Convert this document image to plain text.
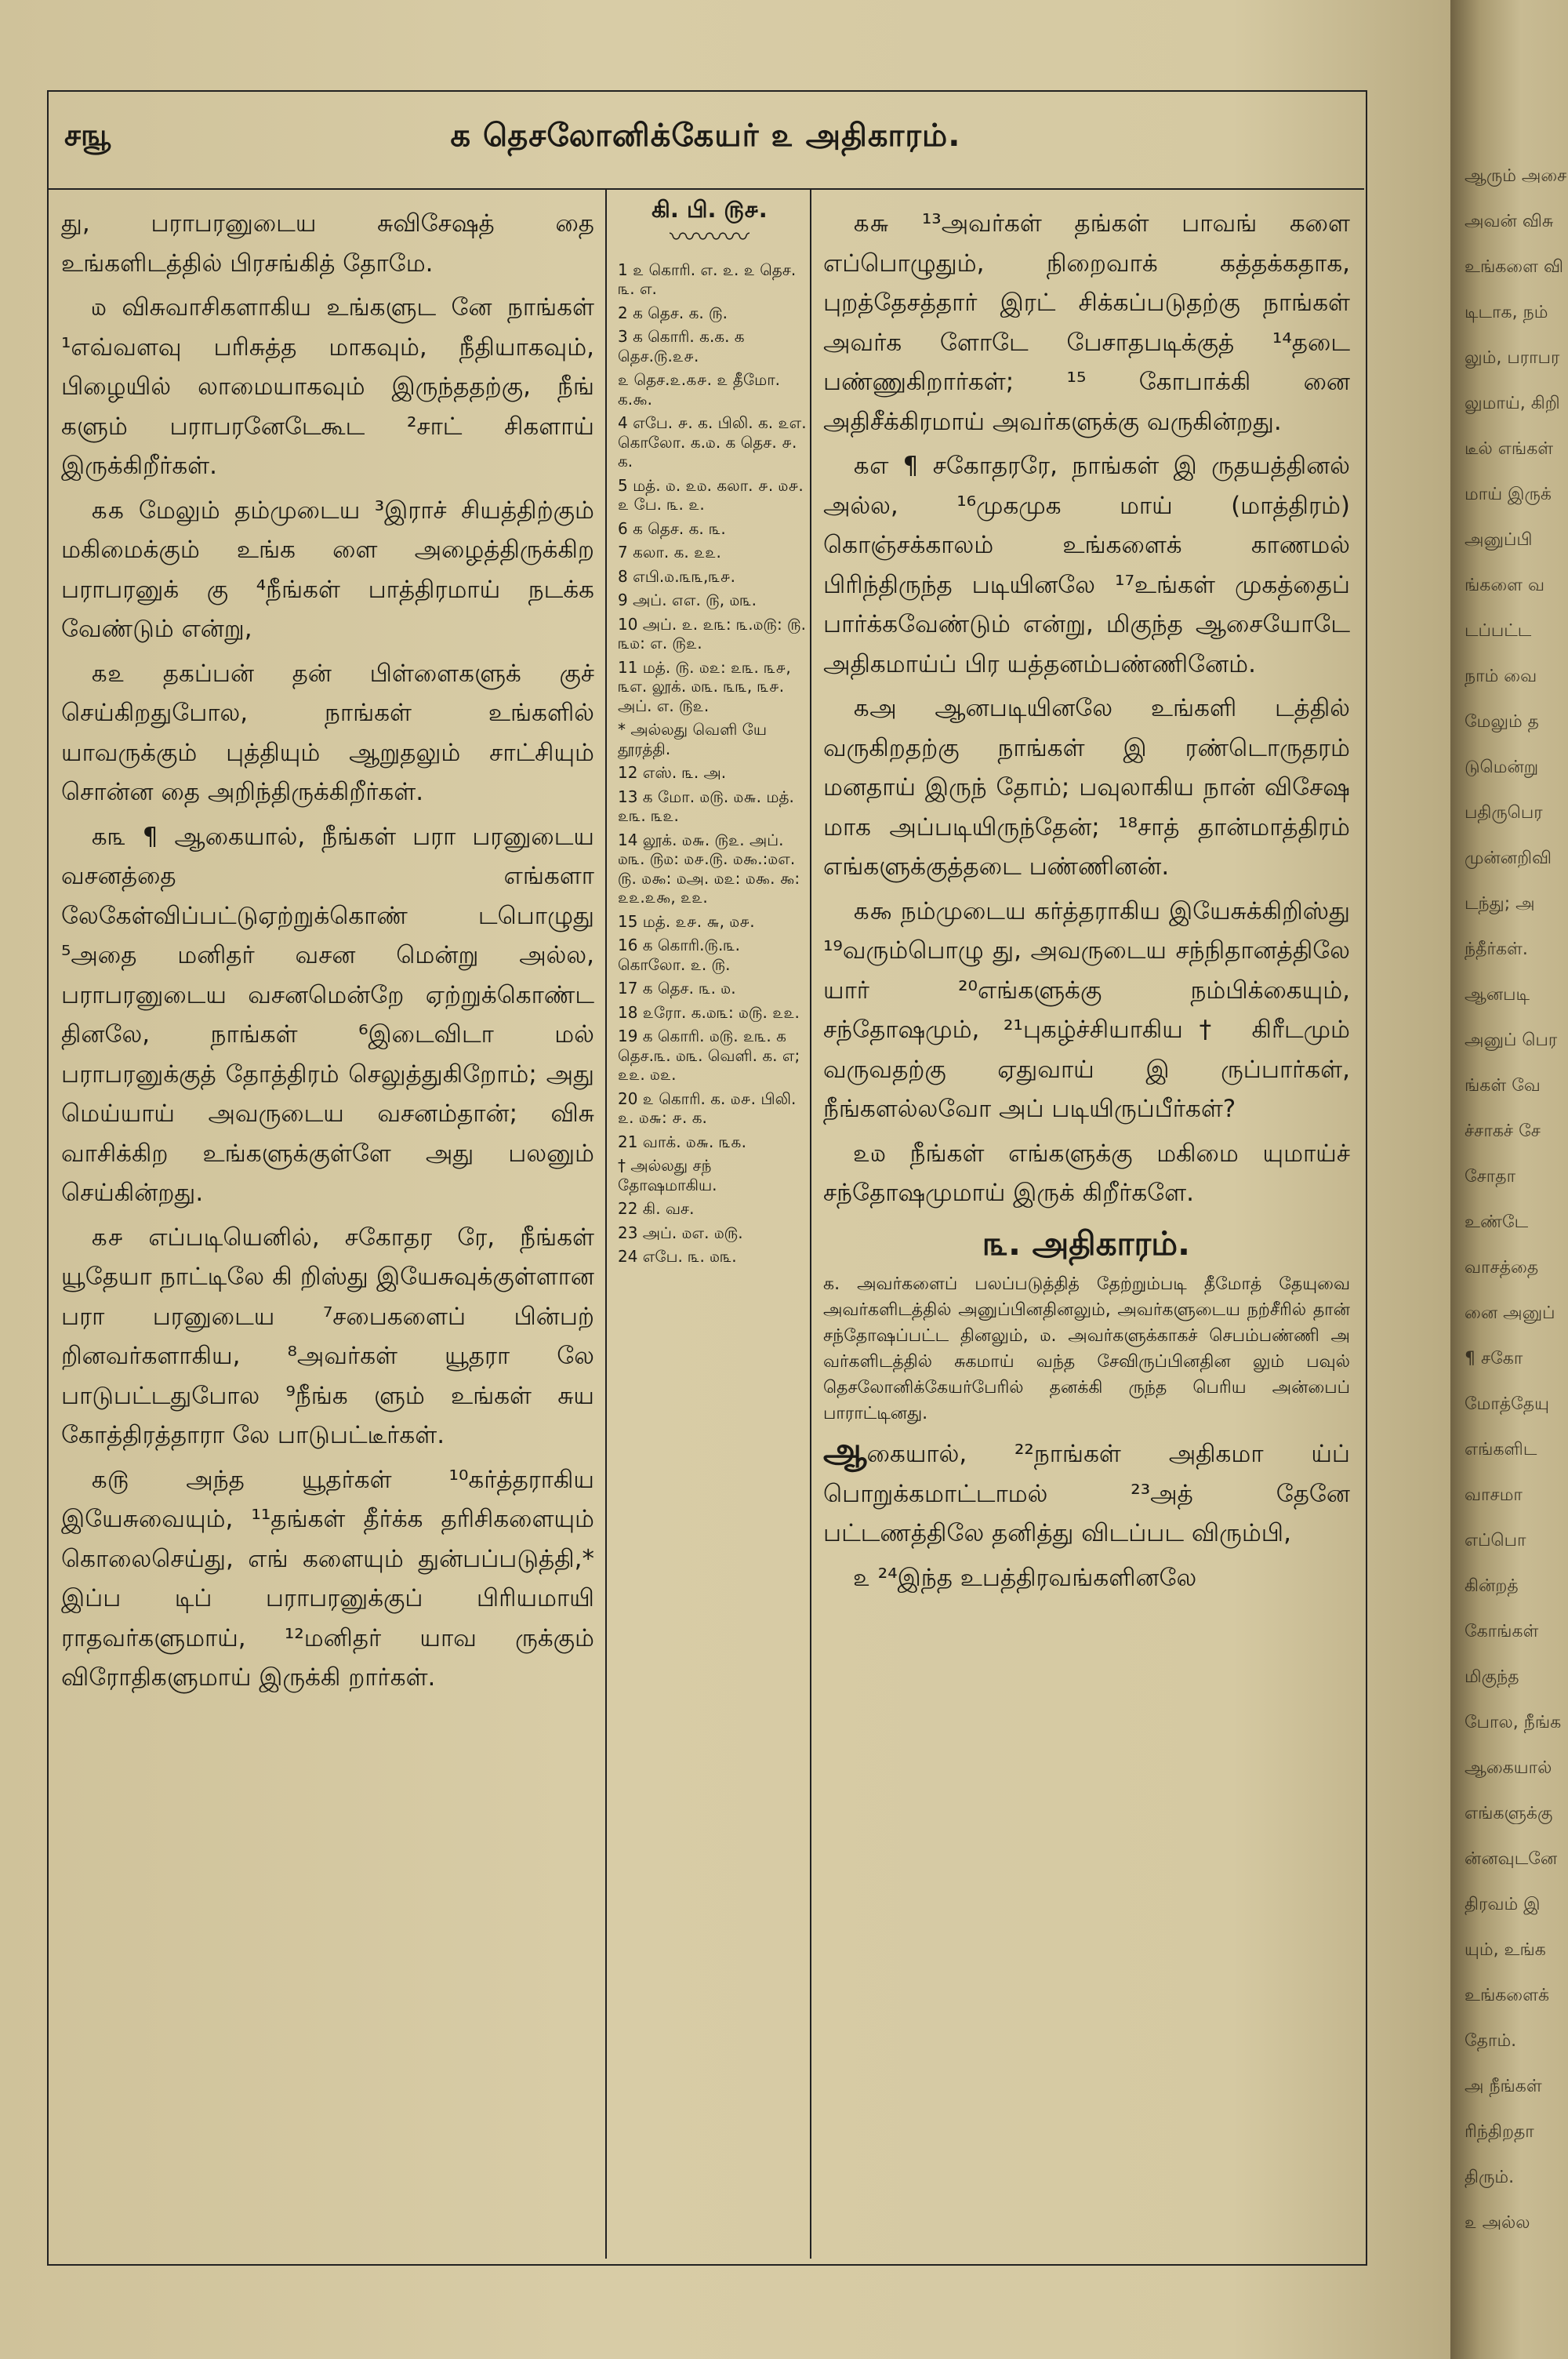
சஙூ	க தெசலோனிக்கேயர் ௨ அதிகாரம்.

து, பராபரனுடைய சுவிசேஷத் தை உங்களிடத்தில் பிரசங்கித் தோமே.

௰ விசுவாசிகளாகிய உங்களுட னே நாங்கள் ¹எவ்வளவு பரிசுத்த மாகவும், நீதியாகவும், பிழையில் லாமையாகவும் இருந்ததற்கு, நீங் களும் பராபரனேடேகூட ²சாட் சிகளாய் இருக்கிறீர்கள்.

௧௧ மேலும் தம்முடைய ³இராச் சியத்திற்கும் மகிமைக்கும் உங்க ளை அழைத்திருக்கிற பராபரனுக் கு ⁴நீங்கள் பாத்திரமாய் நடக்க வேண்டும் என்று,

௧௨ தகப்பன் தன் பிள்ளைகளுக் குச் செய்கிறதுபோல, நாங்கள் உங்களில் யாவருக்கும் புத்தியும் ஆறுதலும் சாட்சியும் சொன்ன தை அறிந்திருக்கிறீர்கள்.

௧௩ ¶ ஆகையால், நீங்கள் பரா பரனுடைய வசனத்தை எங்களா லேகேள்விப்பட்டுஏற்றுக்கொண் டபொழுது ⁵அதை மனிதர் வசன மென்று அல்ல, பராபரனுடைய வசனமென்றே ஏற்றுக்கொண்ட தினலே, நாங்கள் ⁶இடைவிடா மல் பராபரனுக்குத் தோத்திரம் செலுத்துகிறோம்; அது மெய்யாய் அவருடைய வசனம்தான்; விசு வாசிக்கிற உங்களுக்குள்ளே அது பலனும் செய்கின்றது.

௧௪ எப்படியெனில், சகோதர ரே, நீங்கள் யூதேயா நாட்டிலே கி றிஸ்து இயேசுவுக்குள்ளான பரா பரனுடைய ⁷சபைகளைப் பின்பற் றினவர்களாகிய, ⁸அவர்கள் யூதரா லே பாடுபட்டதுபோல ⁹நீங்க ளும் உங்கள் சுய கோத்திரத்தாரா லே பாடுபட்டீர்கள்.

௧௫ அந்த யூதர்கள் ¹⁰கர்த்தராகிய இயேசுவையும், ¹¹தங்கள் தீர்க்க தரிசிகளையும் கொலைசெய்து, எங் களையும் துன்பப்படுத்தி,* இப்ப டிப் பராபரனுக்குப் பிரியமாயி ராதவர்களுமாய், ¹²மனிதர் யாவ ருக்கும் விரோதிகளுமாய் இருக்கி றார்கள்.

கி. பி. ௫௪.
〰〰〰
1 ௨ கொரி. எ. ௨. ௨ தெச. ௩. எ.
2 க தெச. க. ௫.
3 க கொரி. க.க. க தெச.௫.௨௪.
௨ தெச.௨.௧௪. ௨ தீமோ. க.௯.
4 எபே. ௪. க. பிலி. க. ௨எ. கொலோ. க.௰. க தெச. ௪. க.
5 மத். ௰. ௨௰. கலா. ௪. ௰௪. ௨ பே. ௩. ௨.
6 க தெச. க. ௩.
7 கலா. க. ௨௨.
8 எபி.௰.௩௩,௩௪.
9 அப். ௭எ. ௫, ௰௩.
10 அப். ௨. ௨௩: ௩.௰௫: ௫. ௩௰: எ. ௫௨.
11 மத். ௫. ௰௨: ௨௩. ௩௪, ௩எ. லூக். ௰௩. ௩௩, ௩௪. அப். எ. ௫௨.
* அல்லது வெளி யே தூரத்தி.
12 எஸ். ௩. அ.
13 க மோ. ௰௫. ௰௬. மத். ௨௩. ௩௨.
14 லூக். ௰௬. ௫௨. அப். ௰௩. ௫௰: ௰௪.௫. ௰௯.:௰எ. ௫. ௰௯: ௰அ. ௰௨: ௰௯. ௯: ௨௨.௨௯, ௨௨.
15 மத். ௨௪. ௬, ௰௪.
16 க கொரி.௫.௩. கொலோ. ௨. ௫.
17 க தெச. ௩. ௰.
18 ௨ரோ. க.௰௩: ௰௫. ௨௨.
19 க கொரி. ௰௫. ௨௩. க தெச.௩. ௰௩. வெளி. க. எ; ௨௨. ௰௨.
20 ௨ கொரி. க. ௰௪. பிலி. ௨. ௰௬: ௪. க.
21 வாக். ௰௬. ௩௧.
† அல்லது சந் தோஷமாகிய.
22 கி. வச.
23 அப். ௰எ. ௰௫.
24 எபே. ௩. ௰௩.

௧௬ ¹³அவர்கள் தங்கள் பாவங் களை எப்பொழுதும், நிறைவாக் கத்தக்கதாக, புறத்தேசத்தார் இரட் சிக்கப்படுதற்கு நாங்கள் அவர்க ளோடே பேசாதபடிக்குத் ¹⁴தடை பண்ணுகிறார்கள்; ¹⁵ கோபாக்கி னை அதிசீக்கிரமாய் அவர்களுக்கு வருகின்றது.

௧எ ¶ சகோதரரே, நாங்கள் இ ருதயத்தினல் அல்ல, ¹⁶முகமுக மாய் (மாத்திரம்) கொஞ்சக்காலம் உங்களைக் காணமல் பிரிந்திருந்த படியினலே ¹⁷உங்கள் முகத்தைப் பார்க்கவேண்டும் என்று, மிகுந்த ஆசையோடே அதிகமாய்ப் பிர யத்தனம்பண்ணினேம்.

௧அ ஆனபடியினலே உங்களி டத்தில் வருகிறதற்கு நாங்கள் இ ரண்டொருதரம் மனதாய் இருந் தோம்; பவுலாகிய நான் விசேஷ மாக அப்படியிருந்தேன்; ¹⁸சாத் தான்மாத்திரம் எங்களுக்குத்தடை பண்ணினன்.

௧௯ நம்முடைய கர்த்தராகிய இயேசுக்கிறிஸ்து ¹⁹வரும்பொழு து, அவருடைய சந்நிதானத்திலே யார் ²⁰எங்களுக்கு நம்பிக்கையும், சந்தோஷமும், ²¹புகழ்ச்சியாகிய† கிரீடமும் வருவதற்கு ஏதுவாய் இ ருப்பார்கள், நீங்களல்லவோ அப் படியிருப்பீர்கள்?

௨௰ நீங்கள் எங்களுக்கு மகிமை யுமாய்ச் சந்தோஷமுமாய் இருக் கிறீர்களே.

௩. அதிகாரம்.

க. அவர்களைப் பலப்படுத்தித் தேற்றும்படி தீமோத் தேயுவை அவர்களிடத்தில் அனுப்பினதினலும், அவர்களுடைய நற்சீரில் தான் சந்தோஷப்பட்ட தினலும், ௰. அவர்களுக்காகச் செபம்பண்ணி அ வர்களிடத்தில் சுகமாய் வந்த சேவிருப்பினதின லும் பவுல் தெசலோனிக்கேயர்பேரில் தனக்கி ருந்த பெரிய அன்பைப் பாராட்டினது.

ஆகையால், ²²நாங்கள் அதிகமா ய்ப் பொறுக்கமாட்டாமல் ²³அத் தேனே பட்டணத்திலே தனித்து விடப்பட விரும்பி,

௨ ²⁴இந்த உபத்திரவங்களினலே

ஆரும் அசை
அவன் விசு
உங்களை வி
டிடாக, நம்
லும், பராபர
லுமாய், கிறி
டீல் எங்கள்
மாய் இருக்
அனுப்பி
ங்களை வ
டப்பட்ட
நாம் வை
மேலும் த
டுமென்று
பதிருபெர
முன்னறிவி
டந்து; அ
ந்தீர்கள்.
ஆனபடி
அனுப் பெர
ங்கள் வே
ச்சாகச் சே
சோதா
உண்டே
வாசத்தை
னை அனுப்
¶ சகோ
மோத்தேயு
எங்களிட
வாசமா
எப்பொ
கின்றத்
கோங்கள்
மிகுந்த
போல, நீங்க
ஆகையால்
எங்களுக்கு
ன்னவுடனே
திரவம் இ
யும், உங்க
உங்களைக்
தோம்.
அ நீங்கள்
ரிந்திறதா
திரும்.
௨ அல்ல
